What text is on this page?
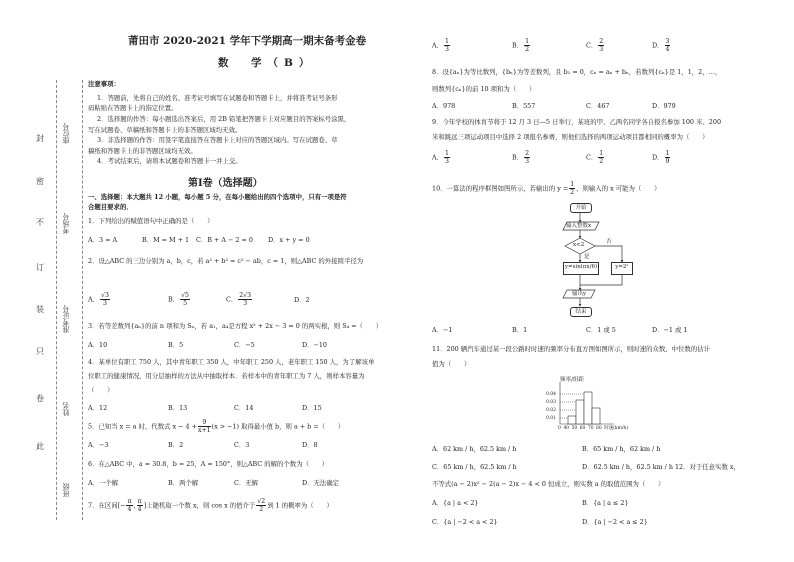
座位号
考场号
准考证号
姓名
班级
封
密
不
订
装
只
卷
此
莆田市 2020-2021 学年下学期高一期末备考金卷
数　学（B）
注意事项：
1．答题前，先将自己的姓名、准考证号填写在试题卷和答题卡上，并将准考证号条形
码粘贴在答题卡上的指定位置。
2．选择题的作答：每小题选出答案后，用 2B 铅笔把答题卡上对应题目的答案标号涂黑，
写在试题卷、草稿纸和答题卡上的非答题区域均无效。
3．非选择题的作答：用签字笔直接答在答题卡上对应的答题区域内。写在试题卷、草
稿纸和答题卡上的非答题区域均无效。
4．考试结束后，请将本试题卷和答题卡一并上交。
第Ⅰ卷（选择题）
一、选择题：本大题共 12 小题，每小题 5 分，在每小题给出的四个选项中，只有一项是符
合题目要求的．
1．下列给出的赋值语句中正确的是（　　）
A．3 = A	B．M = M + 1 C．B + A − 2 = 0 D．x + y = 0
2．设△ABC 的三边分别为 a，b，c，若 a² + b² = c² − ab，c = 1，则△ABC 的外接圆半径为
A． $\frac{√3}{3}$	B． $\frac{√5}{5}$	C． $\frac{2√3}{3}$	D．2
3．若等差数列{aₙ}的前 n 项和为 Sₙ，若 a₁，a₄是方程 x² + 2x − 3 = 0 的两实根，则 S₄ =（　　）
A．10	B．5	C．−5	D．−10
4．某单位有职工 750 人，其中青年职工 350 人，中年职工 250 人，老年职工 150 人，为了解该单
位职工的健康情况，用分层抽样的方法从中抽取样本．若样本中的青年职工为 7 人，则样本容量为
（　　）
A．12	B．13	C．14	D．15
5．已知当 x = a 时，代数式 $x - 4 + \frac{9}{x+1} (x > -1)$ 取得最小值 b，则 a + b =（　　）
A．−3	B．2	C．3	D．8
6．在△ABC 中，a = 30.8，b = 25，A = 150°，则△ABC 的解的个数为（　　）
A．一个解	B．两个解	C．无解	D．无法确定
7．在区间[− $\frac{\pi}{4}$ , $\frac{\pi}{4}$ ]上随机取一个数 x，则 cos x 的值介于 $\frac{√2}{2}$ 到 1 的概率为（　　）
A． $\frac{1}{3}$	B． $\frac{1}{2}$	C． $\frac{2}{3}$	D． $\frac{3}{4}$
8．设{aₙ}为等比数列，{bₙ}为等差数列，且 b₁ = 0，cₙ = aₙ + bₙ，若数列{cₙ}是 1，1，2，…，
则数列{cₙ}的前 10 项和为（　　）
A．978	B．557	C．467	D．979
9．今年学校的体育节将于 12 月 3 日—5 日举行，某班的甲、乙两名同学各自报名参加 100 米、200
米和跳远三项运动项目中选择 2 项报名参赛，则他们选择的两项运动项目都相同的概率为（　　）
A． $\frac{1}{3}$	B． $\frac{2}{3}$	C． $\frac{1}{2}$	D． $\frac{1}{9}$
10．一算法的程序框图如图所示，若输出的 $y = \frac{1}{2}$ ，则输入的 x 可能为（　　）
开始
输入整数x
x<2	否
是
y=sin(πx/6)	y=2ˣ
输出y
结束
A．−1	B．1	C．1 或 5	D．−1 或 1
11．200 辆汽车通过某一段公路时时速的频率分布直方图如图所示，则时速的众数、中位数的估计
值为（　　）
频率/组距
0.04
0.03
0.02
0.01
0 40 50 60 70 80 时速(km/h)
A．62 km / h，62.5 km / h	B．65 km / h，62 km / h
C．65 km / h，62.5 km / h	D．62.5 km / h，62.5 km / h 12．对于任意实数 x，
不等式(a − 2)x² − 2(a − 2)x − 4 < 0 恒成立，则实数 a 的取值范围为（　　）
A．{a | a < 2}	B．{a | a ≤ 2}
C．{a | −2 < a < 2}	D．{a | −2 < a ≤ 2}
